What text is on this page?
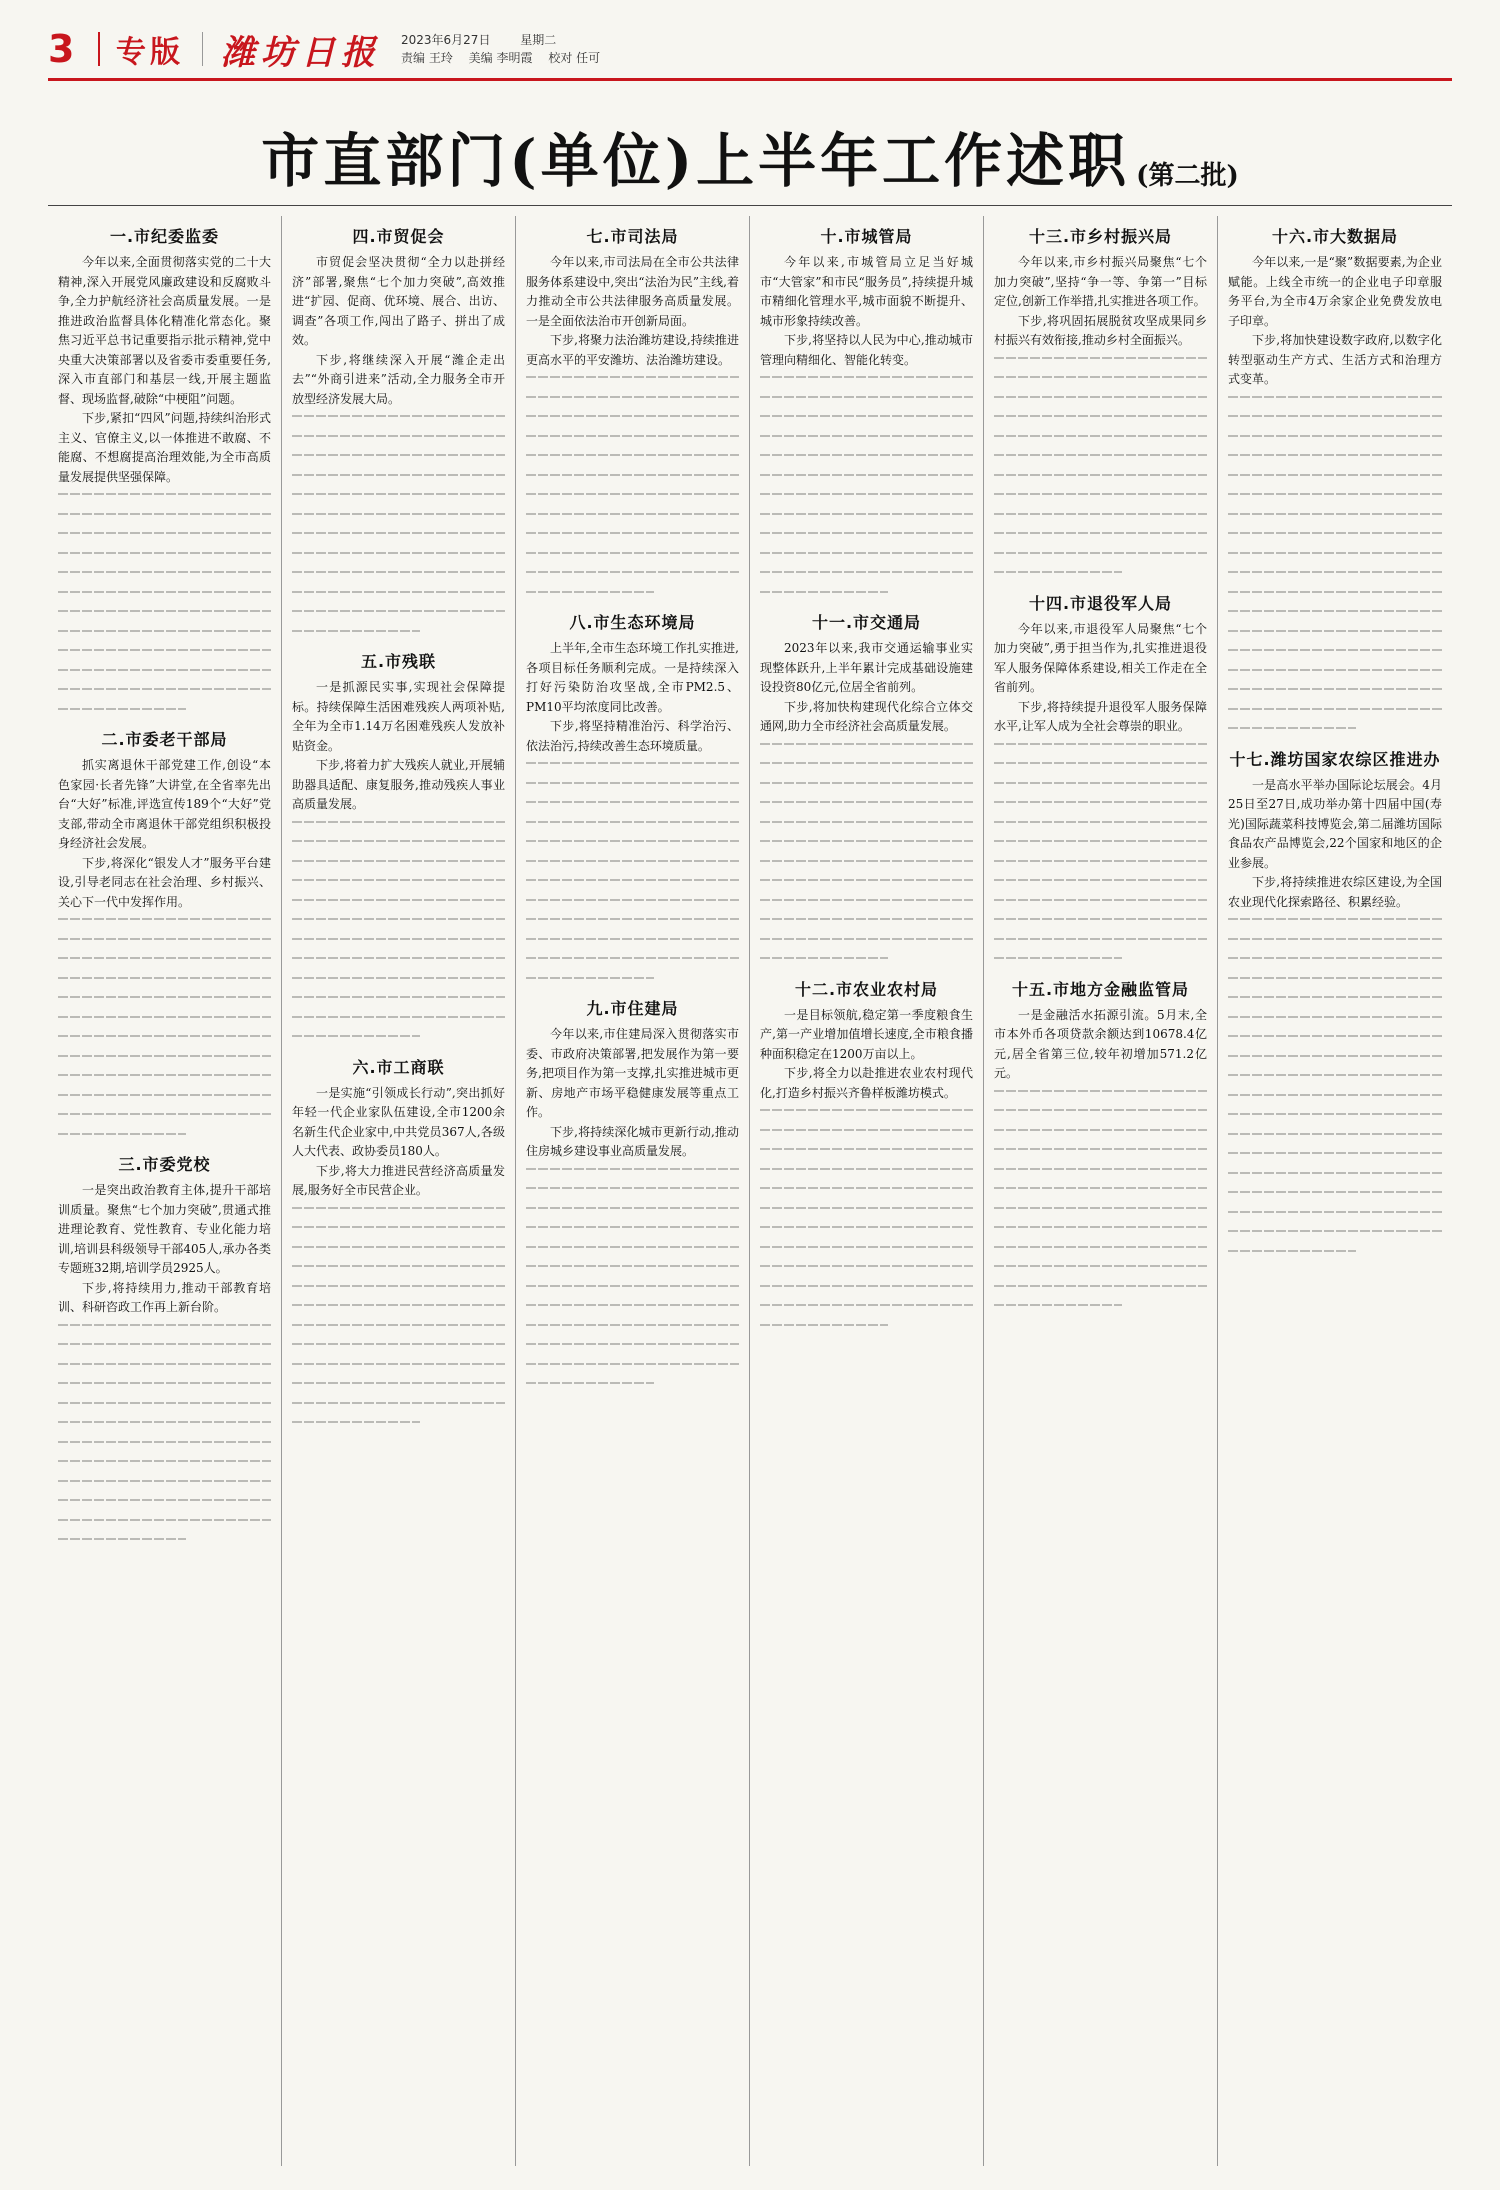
3	专版 潍坊日报 2023年6月27日 星期二
责编 王玲 美编 李明霞 校对 任可
市直部门(单位)上半年工作述职 (第二批)
一.市纪委监委

今年以来,全面贯彻落实党的二十大精神,深入开展党风廉政建设和反腐败斗争,全力护航经济社会高质量发展。一是推进政治监督具体化精准化常态化。聚焦习近平总书记重要指示批示精神,党中央重大决策部署以及省委市委重要任务,深入市直部门和基层一线,开展主题监督、现场监督,破除“中梗阻”问题。

下步,紧扣“四风”问题,持续纠治形式主义、官僚主义,以一体推进不敢腐、不能腐、不想腐提高治理效能,为全市高质量发展提供坚强保障。

二.市委老干部局

抓实离退休干部党建工作,创设“本色家园·长者先锋”大讲堂,在全省率先出台“大好”标准,评选宣传189个“大好”党支部,带动全市离退休干部党组织积极投身经济社会发展。

下步,将深化“银发人才”服务平台建设,引导老同志在社会治理、乡村振兴、关心下一代中发挥作用。

三.市委党校

一是突出政治教育主体,提升干部培训质量。聚焦“七个加力突破”,贯通式推进理论教育、党性教育、专业化能力培训,培训县科级领导干部405人,承办各类专题班32期,培训学员2925人。

下步,将持续用力,推动干部教育培训、科研咨政工作再上新台阶。

四.市贸促会

市贸促会坚决贯彻“全力以赴拼经济”部署,聚焦“七个加力突破”,高效推进“扩园、促商、优环境、展合、出访、调查”各项工作,闯出了路子、拼出了成效。

下步,将继续深入开展“潍企走出去”“外商引进来”活动,全力服务全市开放型经济发展大局。

五.市残联

一是抓源民实事,实现社会保障提标。持续保障生活困难残疾人两项补贴,全年为全市1.14万名困难残疾人发放补贴资金。

下步,将着力扩大残疾人就业,开展辅助器具适配、康复服务,推动残疾人事业高质量发展。

六.市工商联

一是实施“引领成长行动”,突出抓好年轻一代企业家队伍建设,全市1200余名新生代企业家中,中共党员367人,各级人大代表、政协委员180人。

下步,将大力推进民营经济高质量发展,服务好全市民营企业。

七.市司法局

今年以来,市司法局在全市公共法律服务体系建设中,突出“法治为民”主线,着力推动全市公共法律服务高质量发展。一是全面依法治市开创新局面。

下步,将聚力法治潍坊建设,持续推进更高水平的平安潍坊、法治潍坊建设。

八.市生态环境局

上半年,全市生态环境工作扎实推进,各项目标任务顺利完成。一是持续深入打好污染防治攻坚战,全市PM2.5、PM10平均浓度同比改善。

下步,将坚持精准治污、科学治污、依法治污,持续改善生态环境质量。

九.市住建局

今年以来,市住建局深入贯彻落实市委、市政府决策部署,把发展作为第一要务,把项目作为第一支撑,扎实推进城市更新、房地产市场平稳健康发展等重点工作。

下步,将持续深化城市更新行动,推动住房城乡建设事业高质量发展。

十.市城管局

今年以来,市城管局立足当好城市“大管家”和市民“服务员”,持续提升城市精细化管理水平,城市面貌不断提升、城市形象持续改善。

下步,将坚持以人民为中心,推动城市管理向精细化、智能化转变。

十一.市交通局

2023年以来,我市交通运输事业实现整体跃升,上半年累计完成基础设施建设投资80亿元,位居全省前列。

下步,将加快构建现代化综合立体交通网,助力全市经济社会高质量发展。

十二.市农业农村局

一是目标领航,稳定第一季度粮食生产,第一产业增加值增长速度,全市粮食播种面积稳定在1200万亩以上。

下步,将全力以赴推进农业农村现代化,打造乡村振兴齐鲁样板潍坊模式。

十三.市乡村振兴局

今年以来,市乡村振兴局聚焦“七个加力突破”,坚持“争一等、争第一”目标定位,创新工作举措,扎实推进各项工作。

下步,将巩固拓展脱贫攻坚成果同乡村振兴有效衔接,推动乡村全面振兴。

十四.市退役军人局

今年以来,市退役军人局聚焦“七个加力突破”,勇于担当作为,扎实推进退役军人服务保障体系建设,相关工作走在全省前列。

下步,将持续提升退役军人服务保障水平,让军人成为全社会尊崇的职业。

十五.市地方金融监管局

一是金融活水拓源引流。5月末,全市本外币各项贷款余额达到10678.4亿元,居全省第三位,较年初增加571.2亿元。

十六.市大数据局

今年以来,一是“聚”数据要素,为企业赋能。上线全市统一的企业电子印章服务平台,为全市4万余家企业免费发放电子印章。

下步,将加快建设数字政府,以数字化转型驱动生产方式、生活方式和治理方式变革。

十七.潍坊国家农综区推进办

一是高水平举办国际论坛展会。4月25日至27日,成功举办第十四届中国(寿光)国际蔬菜科技博览会,第二届潍坊国际食品农产品博览会,22个国家和地区的企业参展。

下步,将持续推进农综区建设,为全国农业现代化探索路径、积累经验。
